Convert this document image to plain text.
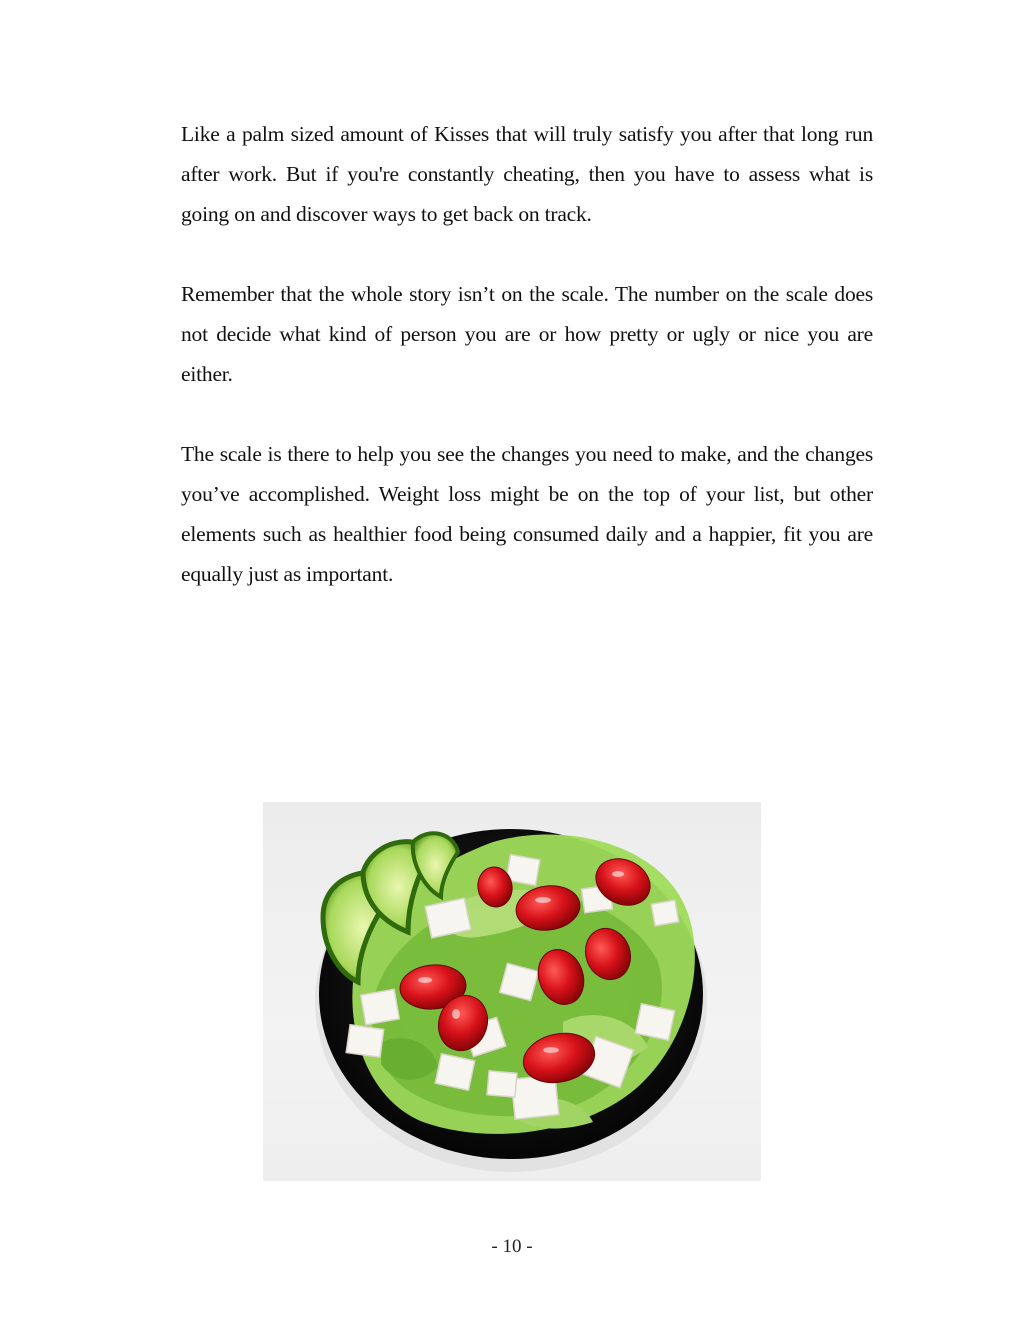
Like a palm sized amount of Kisses that will truly satisfy you after that long run after work. But if you're constantly cheating, then you have to assess what is going on and discover ways to get back on track.

Remember that the whole story isn’t on the scale. The number on the scale does not decide what kind of person you are or how pretty or ugly or nice you are either.

The scale is there to help you see the changes you need to make, and the changes you’ve accomplished. Weight loss might be on the top of your list, but other elements such as healthier food being consumed daily and a happier, fit you are equally just as important.

- 10 -
